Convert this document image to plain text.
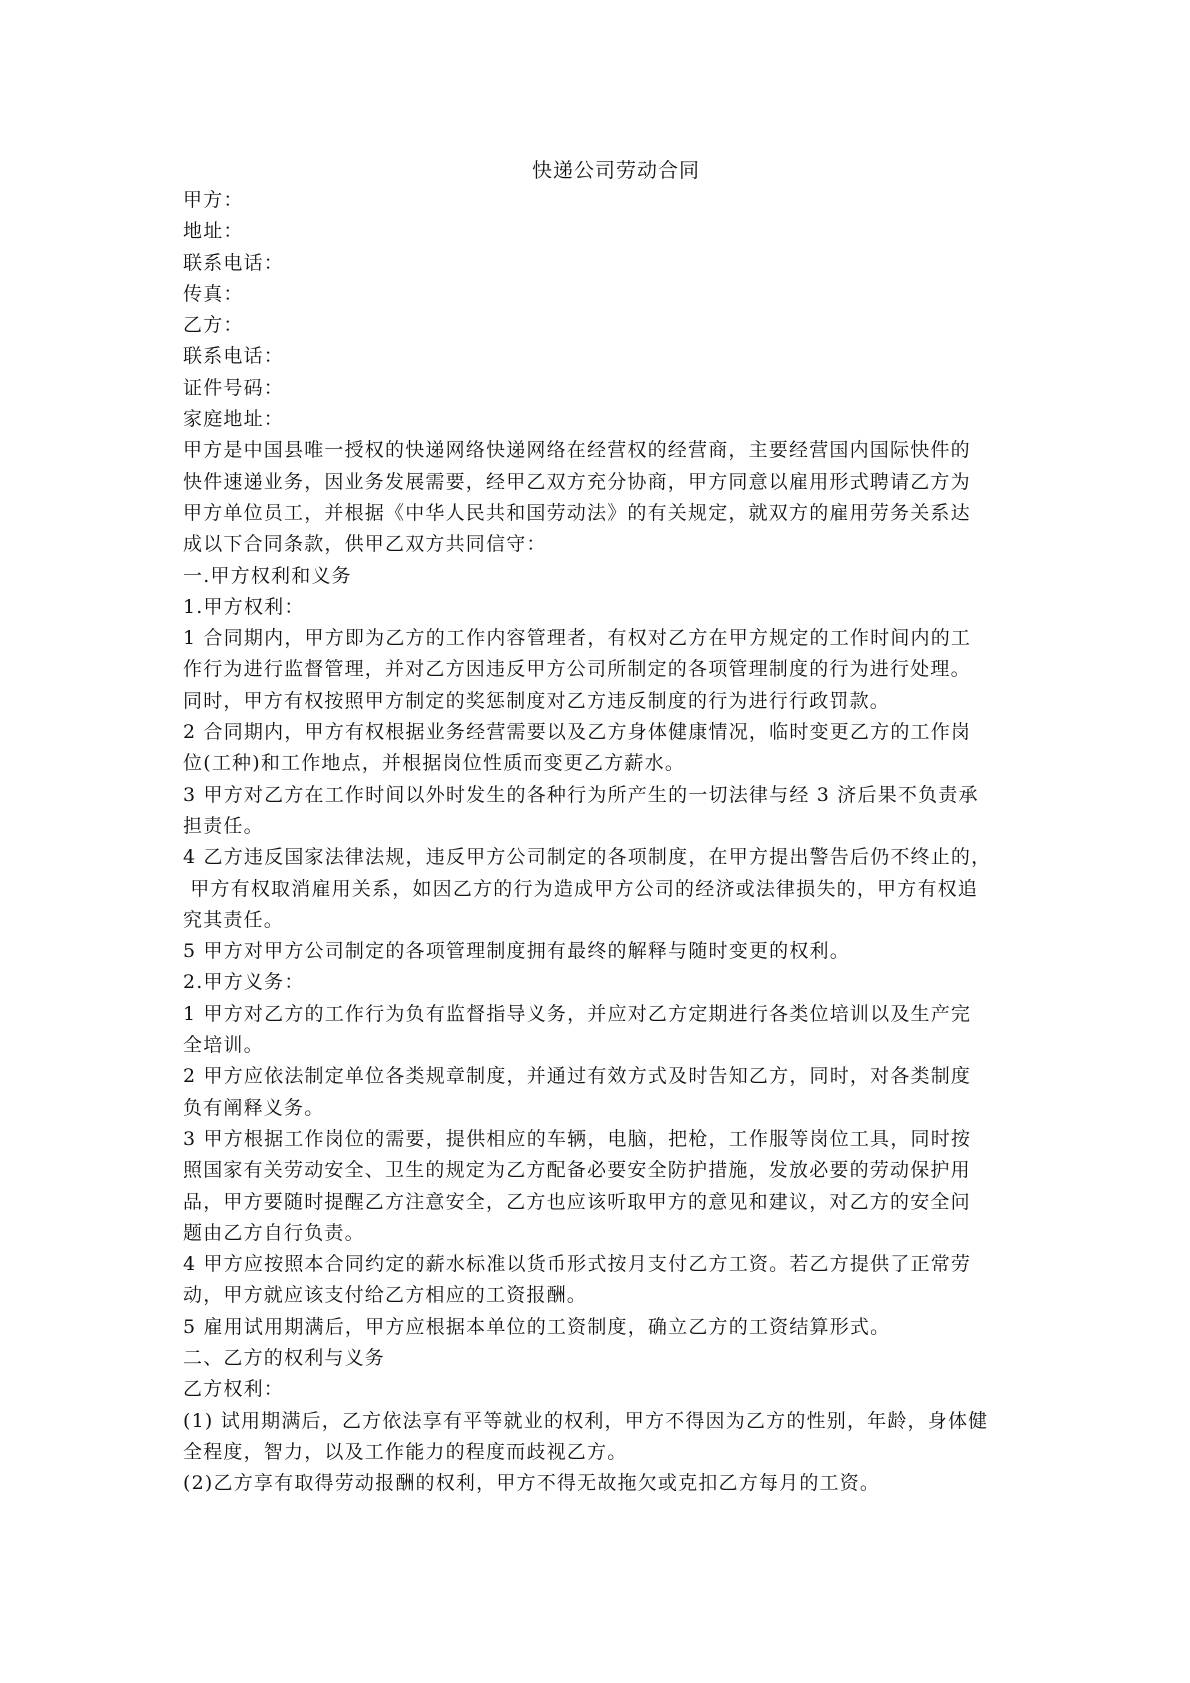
快递公司劳动合同

甲方：

地址：

联系电话：

传真：

乙方：

联系电话：

证件号码：

家庭地址：

甲方是中国县唯一授权的快递网络快递网络在经营权的经营商，主要经营国内国际快件的

快件速递业务，因业务发展需要，经甲乙双方充分协商，甲方同意以雇用形式聘请乙方为

甲方单位员工，并根据《中华人民共和国劳动法》的有关规定，就双方的雇用劳务关系达

成以下合同条款，供甲乙双方共同信守：

一.甲方权利和义务

1.甲方权利：

1 合同期内，甲方即为乙方的工作内容管理者，有权对乙方在甲方规定的工作时间内的工

作行为进行监督管理，并对乙方因违反甲方公司所制定的各项管理制度的行为进行处理。

同时，甲方有权按照甲方制定的奖惩制度对乙方违反制度的行为进行行政罚款。

2 合同期内，甲方有权根据业务经营需要以及乙方身体健康情况，临时变更乙方的工作岗

位(工种)和工作地点，并根据岗位性质而变更乙方薪水。

3 甲方对乙方在工作时间以外时发生的各种行为所产生的一切法律与经 3 济后果不负责承

担责任。

4 乙方违反国家法律法规，违反甲方公司制定的各项制度，在甲方提出警告后仍不终止的，

甲方有权取消雇用关系，如因乙方的行为造成甲方公司的经济或法律损失的，甲方有权追

究其责任。

5 甲方对甲方公司制定的各项管理制度拥有最终的解释与随时变更的权利。

2.甲方义务：

1 甲方对乙方的工作行为负有监督指导义务，并应对乙方定期进行各类位培训以及生产完

全培训。

2 甲方应依法制定单位各类规章制度，并通过有效方式及时告知乙方，同时，对各类制度

负有阐释义务。

3 甲方根据工作岗位的需要，提供相应的车辆，电脑，把枪，工作服等岗位工具，同时按

照国家有关劳动安全、卫生的规定为乙方配备必要安全防护措施，发放必要的劳动保护用

品，甲方要随时提醒乙方注意安全，乙方也应该听取甲方的意见和建议，对乙方的安全问

题由乙方自行负责。

4 甲方应按照本合同约定的薪水标准以货币形式按月支付乙方工资。若乙方提供了正常劳

动，甲方就应该支付给乙方相应的工资报酬。

5 雇用试用期满后，甲方应根据本单位的工资制度，确立乙方的工资结算形式。

二、乙方的权利与义务

乙方权利：

(1) 试用期满后，乙方依法享有平等就业的权利，甲方不得因为乙方的性别，年龄，身体健

全程度，智力，以及工作能力的程度而歧视乙方。

(2)乙方享有取得劳动报酬的权利，甲方不得无故拖欠或克扣乙方每月的工资。
